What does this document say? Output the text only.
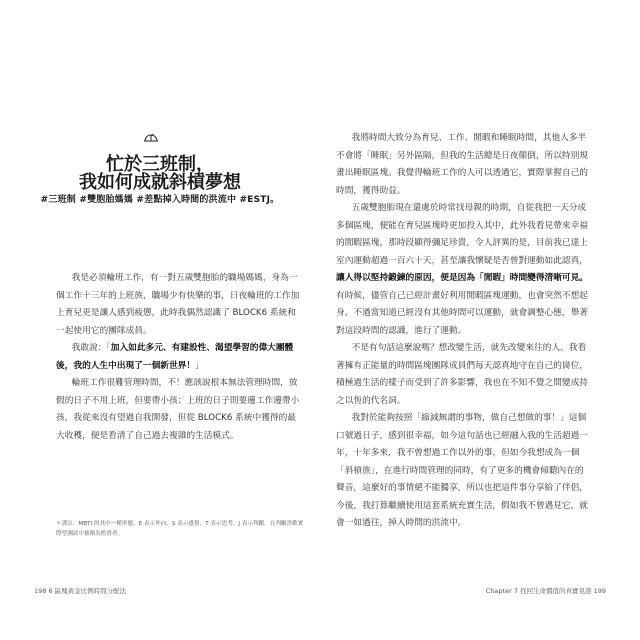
忙於三班制，
我如何成就斜槓夢想
#三班制 #雙胞胎媽媽 #差點掉入時間的洪流中 #ESTJ。

我是必須輪班工作，有一對五歲雙胞胎的職場媽媽，身為一個工作十三年的上班族，職場少有快樂的事，日夜輪班的工作加上育兒更是讓人感到疲憊，此時我偶然認識了 BLOCK6 系統和一起使用它的團隊成員。

我敢說：「加入如此多元、有建設性、渴望學習的偉大團體後，我的人生中出現了一個新世界！」

輪班工作很難管理時間，不！應該說根本無法管理時間，放假的日子不用上班，但要帶小孩；上班的日子則要邊工作邊帶小孩，我從來沒有望過自我開發，但從 BLOCK6 系統中獲得的最大收穫，便是看清了自己過去複雜的生活模式。

＊譯註：MBTI 的其中一種形態，E 表示外向、S 表示感覺、T 表示思考、J 表示判斷，在判斷喜歡實際型測試中被稱為監督者。
198 6 區塊黃金比例時間分配法

我將時間大致分為育兒、工作、閒暇和睡眠時間，其他人多半不會將「睡眠」另外區隔，但我的生活總是日夜顛倒，所以特別規畫出睡眠區塊。我覺得輪班工作的人可以透過它，實際掌握自己的時間，獲得助益。

五歲雙胞胎現在還處於時常找母親的時期，自從我把一天分成多個區塊，便能在育兒區塊時更加投入其中，此外我看見帶來幸福的閒暇區塊，那時段顯得彌足珍貴，令人評異的是，目前我已達上室內運動超過一百六十天，甚至讓我懷疑是否曾對運動如此認真，讓人得以堅持鍛鍊的原因，便是因為「閒暇」時間變得清晰可見。有時候，儘管自己已經計畫好利用閒暇區塊運動，也會突然不想起身，不過當知道已經沒有其他時間可以運動，就會調整心態，舉著對這段時間的認識，進行了運動。

不是有句話這麼說嗎？想改變生活，就先改變來往的人。我看著擁有正能量的時間區塊團隊成員們每天認真地守在自己的崗位，積極過生活的樣子而受到了許多影響，我也在不知不覺之間變成持之以恆的代名詞。

我對於能夠按照「縮減無謂的事物，做自己想做的事！」這個口號過日子，感到很幸福，如今這句話也已經融入我的生活超過一年，十年多來，我不曾想過工作以外的事，但如今我想成為一個「斜槓族」，在進行時間管理的同時，有了更多的機會傾聽內在的聲音，這麼好的事情絕不能獨享，所以也把這件事分享給了伴侶，今後，我打算繼續使用這套系統充實生活，假如我不曾遇見它，就會一如過往，掉入時間的洪流中。

Chapter 7 找回生命價值的真實見證 199
